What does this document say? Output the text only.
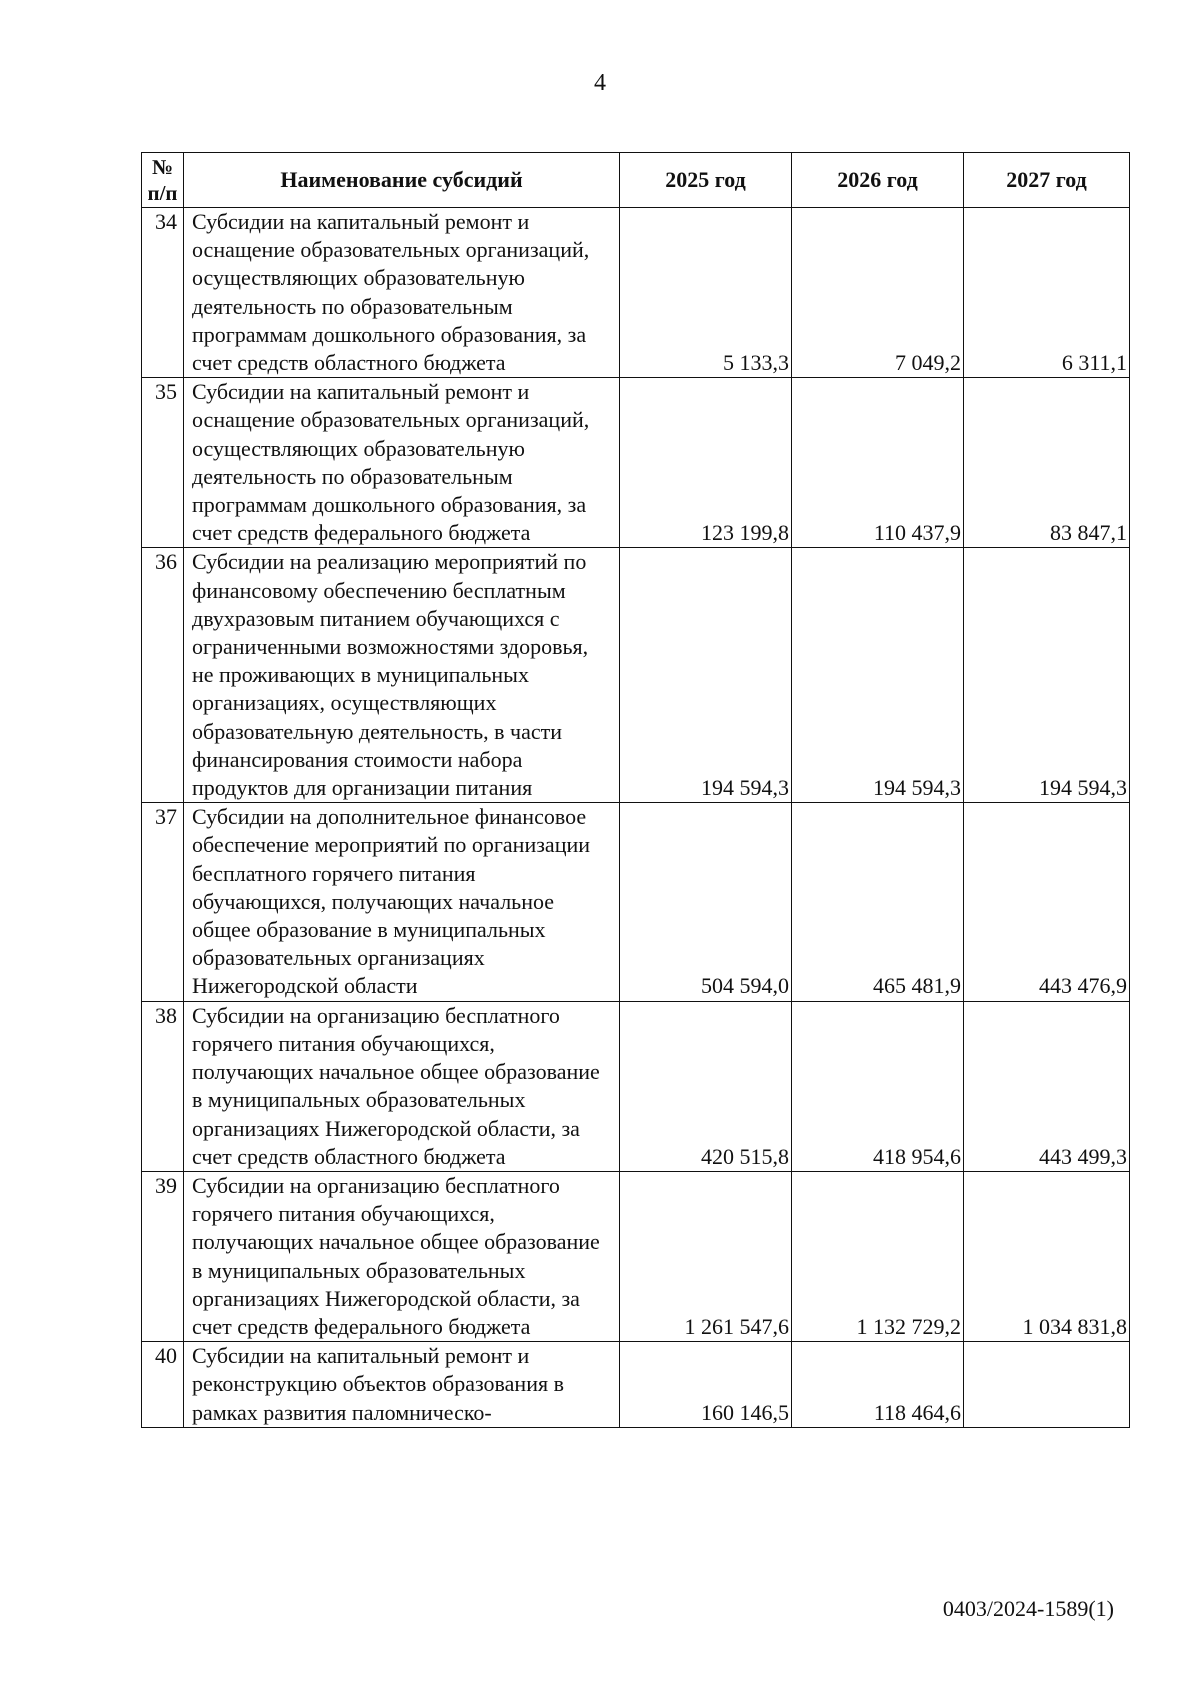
4
№ п/п	Наименование субсидий	2025 год	2026 год	2027 год
34	Субсидии на капитальный ремонт и оснащение образовательных организаций, осуществляющих образовательную деятельность по образовательным программам дошкольного образования, за счет средств областного бюджета	5 133,3	7 049,2	6 311,1
35	Субсидии на капитальный ремонт и оснащение образовательных организаций, осуществляющих образовательную деятельность по образовательным программам дошкольного образования, за счет средств федерального бюджета	123 199,8	110 437,9	83 847,1
36	Субсидии на реализацию мероприятий по финансовому обеспечению бесплатным двухразовым питанием обучающихся с ограниченными возможностями здоровья, не проживающих в муниципальных организациях, осуществляющих образовательную деятельность, в части финансирования стоимости набора продуктов для организации питания	194 594,3	194 594,3	194 594,3
37	Субсидии на дополнительное финансовое обеспечение мероприятий по организации бесплатного горячего питания обучающихся, получающих начальное общее образование в муниципальных образовательных организациях Нижегородской области	504 594,0	465 481,9	443 476,9
38	Субсидии на организацию бесплатного горячего питания обучающихся, получающих начальное общее образование в муниципальных образовательных организациях Нижегородской области, за счет средств областного бюджета	420 515,8	418 954,6	443 499,3
39	Субсидии на организацию бесплатного горячего питания обучающихся, получающих начальное общее образование в муниципальных образовательных организациях Нижегородской области, за счет средств федерального бюджета	1 261 547,6	1 132 729,2	1 034 831,8
40	Субсидии на капитальный ремонт и реконструкцию объектов образования в рамках развития паломническо-	160 146,5	118 464,6	
0403/2024-1589(1)
